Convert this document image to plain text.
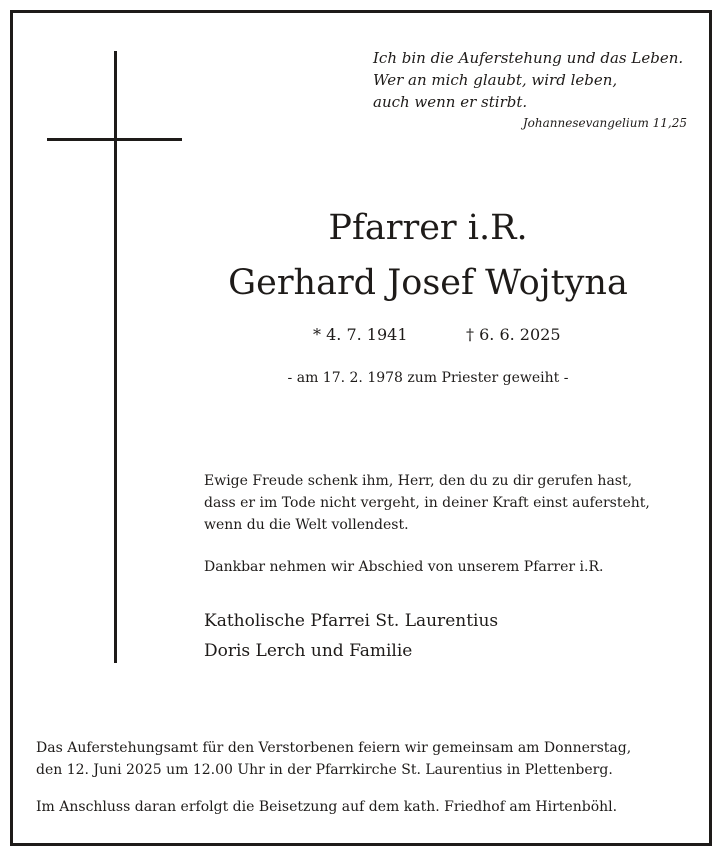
Ich bin die Auferstehung und das Leben.
Wer an mich glaubt, wird leben,
auch wenn er stirbt.
Johannesevangelium 11,25
Pfarrer i.R.
Gerhard Josef Wojtyna
* 4. 7. 1941	† 6. 6. 2025
- am 17. 2. 1978 zum Priester geweiht -
Ewige Freude schenk ihm, Herr, den du zu dir gerufen hast,
dass er im Tode nicht vergeht, in deiner Kraft einst aufersteht,
wenn du die Welt vollendest.
Dankbar nehmen wir Abschied von unserem Pfarrer i.R.
Katholische Pfarrei St. Laurentius
Doris Lerch und Familie
Das Auferstehungsamt für den Verstorbenen feiern wir gemeinsam am Donnerstag,
den 12. Juni 2025 um 12.00 Uhr in der Pfarrkirche St. Laurentius in Plettenberg.
Im Anschluss daran erfolgt die Beisetzung auf dem kath. Friedhof am Hirtenböhl.
